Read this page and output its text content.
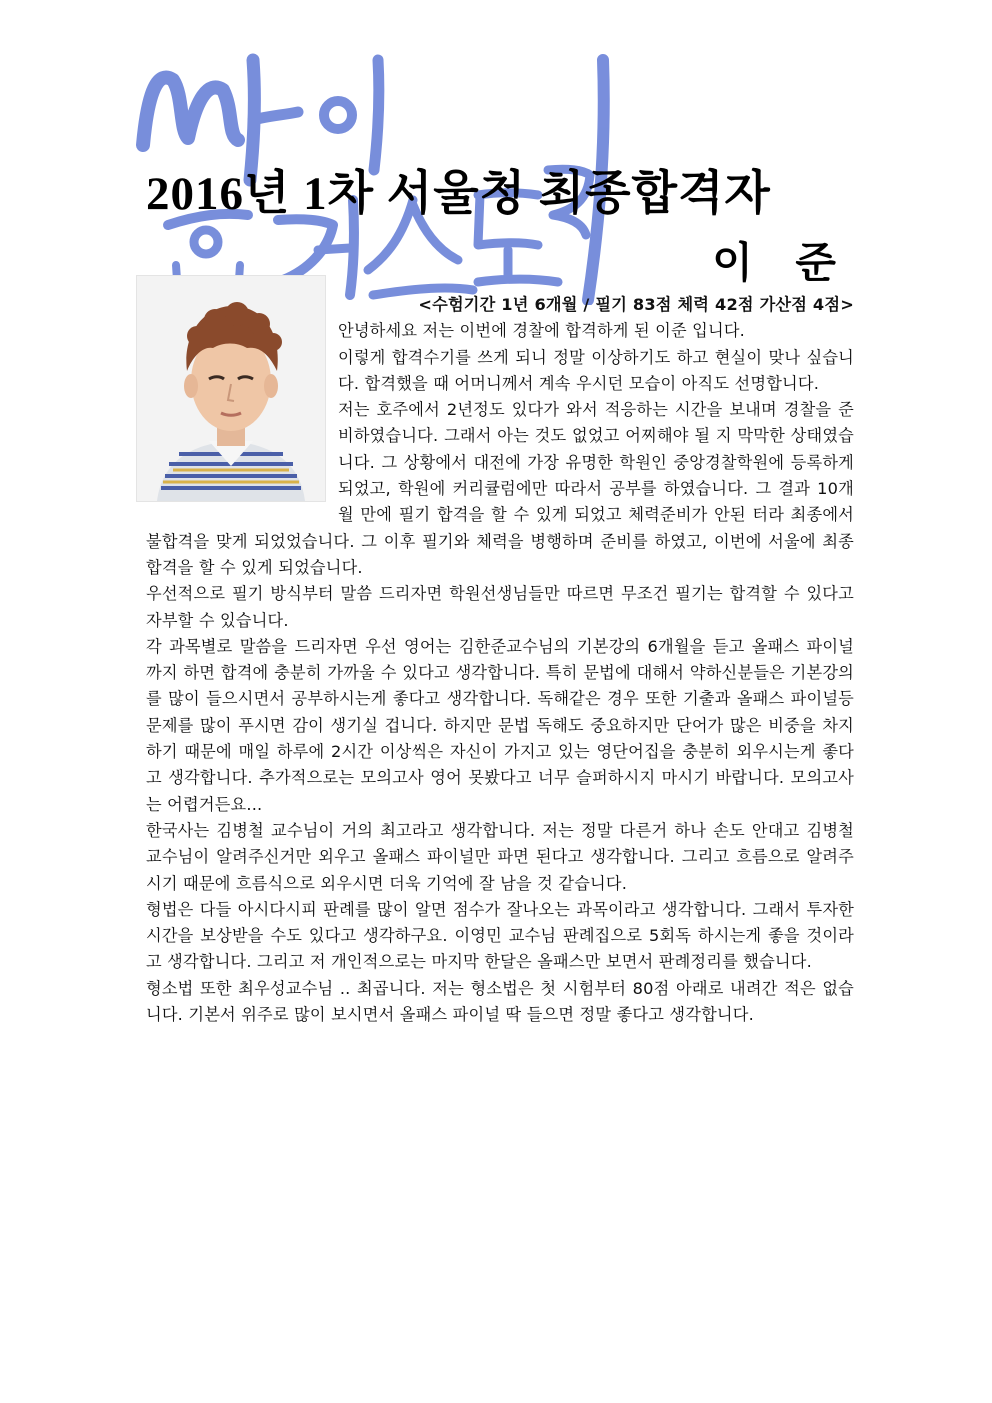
2016년 1차 서울청 최종합격자
이 준

<수험기간 1년 6개월 / 필기 83점 체력 42점 가산점 4점>

안녕하세요 저는 이번에 경찰에 합격하게 된 이준 입니다.

이렇게 합격수기를 쓰게 되니 정말 이상하기도 하고 현실이 맞나 싶습니다. 합격했을 때 어머니께서 계속 우시던 모습이 아직도 선명합니다.

저는 호주에서 2년정도 있다가 와서 적응하는 시간을 보내며 경찰을 준비하였습니다. 그래서 아는 것도 없었고 어찌해야 될 지 막막한 상태였습니다. 그 상황에서 대전에 가장 유명한 학원인 중앙경찰학원에 등록하게 되었고, 학원에 커리큘럼에만 따라서 공부를 하였습니다. 그 결과 10개월 만에 필기 합격을 할 수 있게 되었고 체력준비가 안된 터라 최종에서 불합격을 맞게 되었었습니다. 그 이후 필기와 체력을 병행하며 준비를 하였고, 이번에 서울에 최종 합격을 할 수 있게 되었습니다.

우선적으로 필기 방식부터 말씀 드리자면 학원선생님들만 따르면 무조건 필기는 합격할 수 있다고 자부할 수 있습니다.

각 과목별로 말씀을 드리자면 우선 영어는 김한준교수님의 기본강의 6개월을 듣고 올패스 파이널 까지 하면 합격에 충분히 가까울 수 있다고 생각합니다. 특히 문법에 대해서 약하신분들은 기본강의를 많이 들으시면서 공부하시는게 좋다고 생각합니다. 독해같은 경우 또한 기출과 올패스 파이널등 문제를 많이 푸시면 감이 생기실 겁니다. 하지만 문법 독해도 중요하지만 단어가 많은 비중을 차지하기 때문에 매일 하루에 2시간 이상씩은 자신이 가지고 있는 영단어집을 충분히 외우시는게 좋다고 생각합니다. 추가적으로는 모의고사 영어 못봤다고 너무 슬퍼하시지 마시기 바랍니다. 모의고사는 어렵거든요...

한국사는 김병철 교수님이 거의 최고라고 생각합니다. 저는 정말 다른거 하나 손도 안대고 김병철 교수님이 알려주신거만 외우고 올패스 파이널만 파면 된다고 생각합니다. 그리고 흐름으로 알려주시기 때문에 흐름식으로 외우시면 더욱 기억에 잘 남을 것 같습니다.

형법은 다들 아시다시피 판례를 많이 알면 점수가 잘나오는 과목이라고 생각합니다. 그래서 투자한 시간을 보상받을 수도 있다고 생각하구요. 이영민 교수님 판례집으로 5회독 하시는게 좋을 것이라고 생각합니다. 그리고 저 개인적으로는 마지막 한달은 올패스만 보면서 판례정리를 했습니다.

형소법 또한 최우성교수님 .. 최곱니다. 저는 형소법은 첫 시험부터 80점 아래로 내려간 적은 없습니다. 기본서 위주로 많이 보시면서 올패스 파이널 딱 들으면 정말 좋다고 생각합니다.
